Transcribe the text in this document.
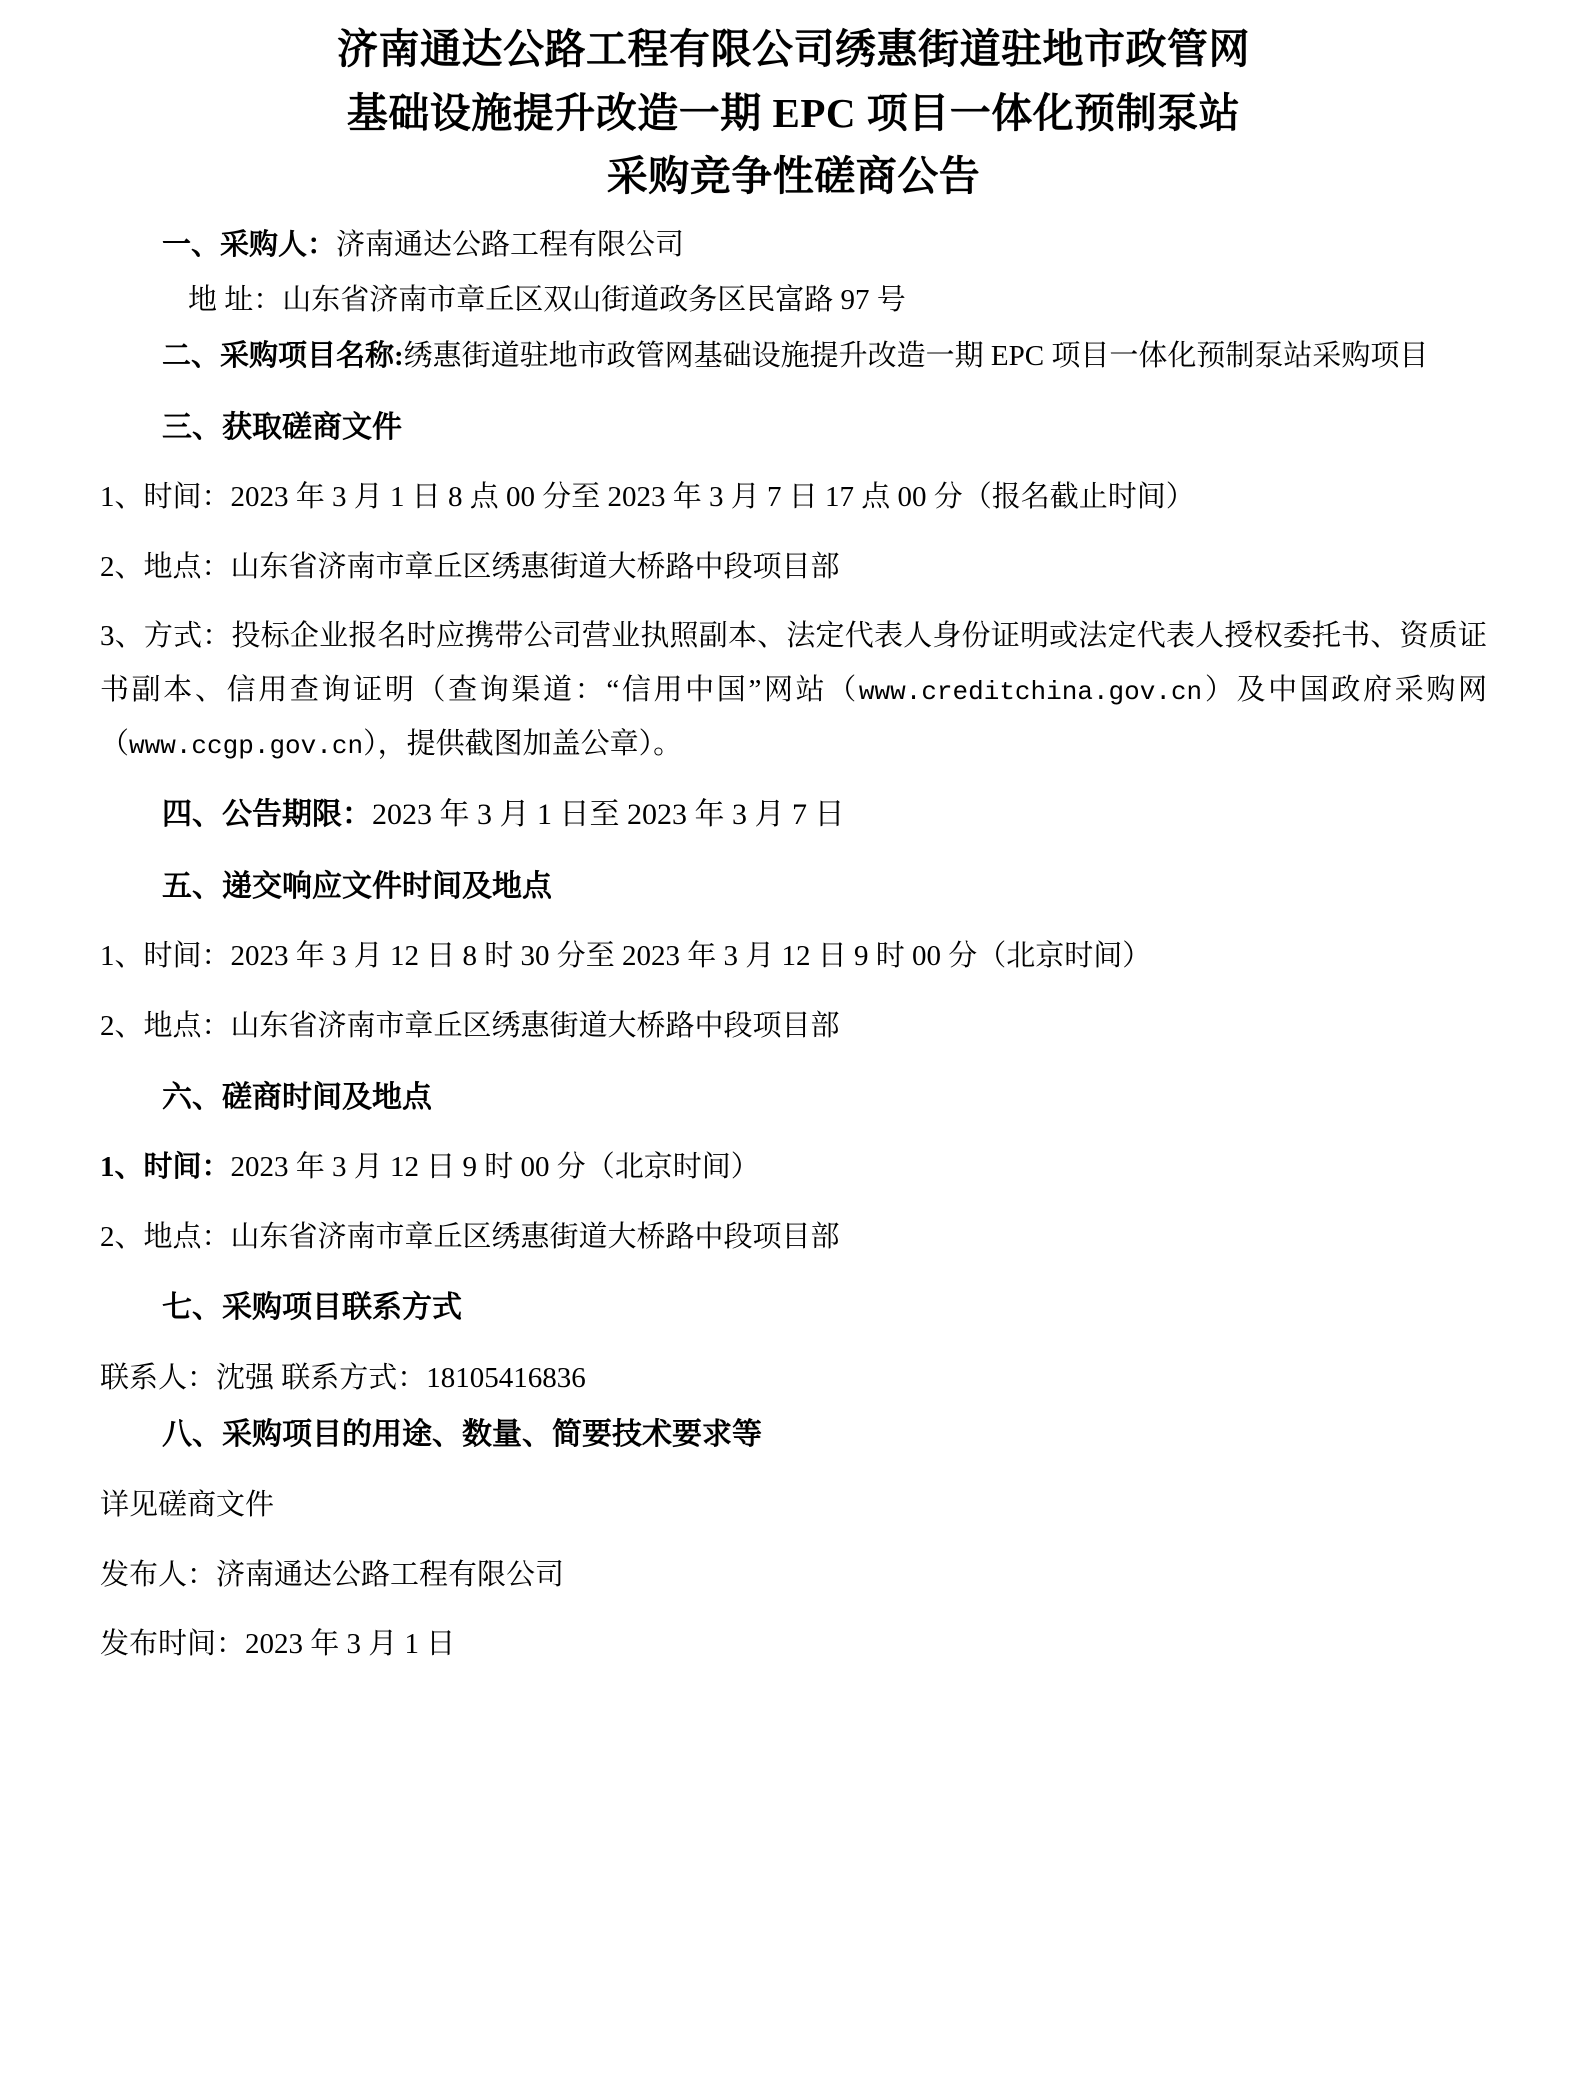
济南通达公路工程有限公司绣惠街道驻地市政管网
基础设施提升改造一期 EPC 项目一体化预制泵站
采购竞争性磋商公告

一、采购人：济南通达公路工程有限公司

地 址：山东省济南市章丘区双山街道政务区民富路 97 号

二、采购项目名称:绣惠街道驻地市政管网基础设施提升改造一期 EPC 项目一体化预制泵站采购项目

三、获取磋商文件

1、时间：2023 年 3 月 1 日 8 点 00 分至 2023 年 3 月 7 日 17 点 00 分（报名截止时间）

2、地点：山东省济南市章丘区绣惠街道大桥路中段项目部

3、方式：投标企业报名时应携带公司营业执照副本、法定代表人身份证明或法定代表人授权委托书、资质证书副本、信用查询证明（查询渠道：“信用中国”网站（www.creditchina.gov.cn）及中国政府采购网（www.ccgp.gov.cn），提供截图加盖公章）。

四、公告期限：2023 年 3 月 1 日至 2023 年 3 月 7 日

五、递交响应文件时间及地点

1、时间：2023 年 3 月 12 日 8 时 30 分至 2023 年 3 月 12 日 9 时 00 分（北京时间）

2、地点：山东省济南市章丘区绣惠街道大桥路中段项目部

六、磋商时间及地点

1、时间：2023 年 3 月 12 日 9 时 00 分（北京时间）

2、地点：山东省济南市章丘区绣惠街道大桥路中段项目部

七、采购项目联系方式

联系人：沈强 联系方式：18105416836

八、采购项目的用途、数量、简要技术要求等

详见磋商文件

发布人：济南通达公路工程有限公司

发布时间：2023 年 3 月 1 日
